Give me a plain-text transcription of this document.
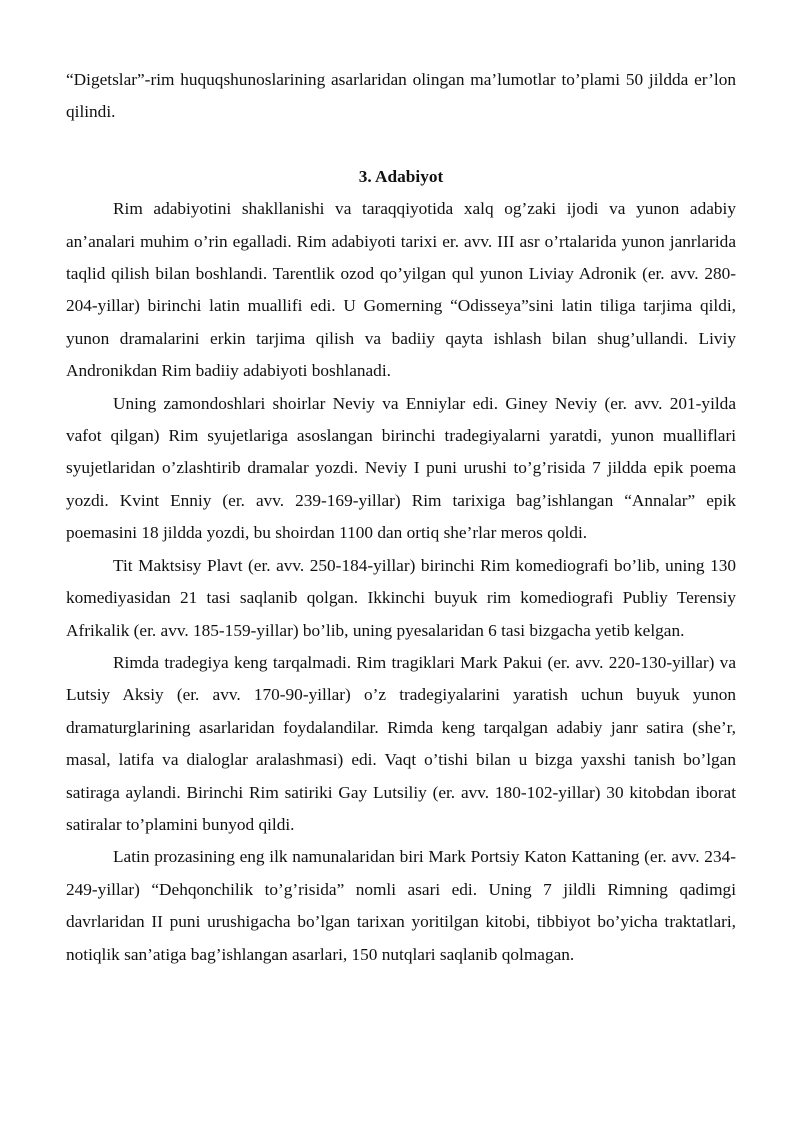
“Digetslar”-rim huquqshunoslarining asarlaridan olingan ma’lumotlar to’plami 50 jildda er’lon qilindi.

3. Adabiyot

Rim adabiyotini shakllanishi va taraqqiyotida xalq og’zaki ijodi va yunon adabiy an’analari muhim o’rin egalladi. Rim adabiyoti tarixi er. avv. III asr o’rtalarida yunon janrlarida taqlid qilish bilan boshlandi. Tarentlik ozod qo’yilgan qul yunon Liviay Adronik (er. avv. 280-204-yillar) birinchi latin muallifi edi. U Gomerning “Odisseya”sini latin tiliga tarjima qildi, yunon dramalarini erkin tarjima qilish va badiiy qayta ishlash bilan shug’ullandi. Liviy Andronikdan Rim badiiy adabiyoti boshlanadi.

Uning zamondoshlari shoirlar Neviy va Enniylar edi. Giney Neviy (er. avv. 201-yilda vafot qilgan) Rim syujetlariga asoslangan birinchi tradegiyalarni yaratdi, yunon mualliflari syujetlaridan o’zlashtirib dramalar yozdi. Neviy I puni urushi to’g’risida 7 jildda epik poema yozdi. Kvint Enniy (er. avv. 239-169-yillar) Rim tarixiga bag’ishlangan “Annalar” epik poemasini 18 jildda yozdi, bu shoirdan 1100 dan ortiq she’rlar meros qoldi.

Tit Maktsisy Plavt (er. avv. 250-184-yillar) birinchi Rim komediografi bo’lib, uning 130 komediyasidan 21 tasi saqlanib qolgan. Ikkinchi buyuk rim komediografi Publiy Terensiy Afrikalik (er. avv. 185-159-yillar) bo’lib, uning pyesalaridan 6 tasi bizgacha yetib kelgan.

Rimda tradegiya keng tarqalmadi. Rim tragiklari Mark Pakui (er. avv. 220-130-yillar) va Lutsiy Aksiy (er. avv. 170-90-yillar) o’z tradegiyalarini yaratish uchun buyuk yunon dramaturglarining asarlaridan foydalandilar. Rimda keng tarqalgan adabiy janr satira (she’r, masal, latifa va dialoglar aralashmasi) edi. Vaqt o’tishi bilan u bizga yaxshi tanish bo’lgan satiraga aylandi. Birinchi Rim satiriki Gay Lutsiliy (er. avv. 180-102-yillar) 30 kitobdan iborat satiralar to’plamini bunyod qildi.

Latin prozasining eng ilk namunalaridan biri Mark Portsiy Katon Kattaning (er. avv. 234-249-yillar) “Dehqonchilik to’g’risida” nomli asari edi. Uning 7 jildli Rimning qadimgi davrlaridan II puni urushigacha bo’lgan tarixan yoritilgan kitobi, tibbiyot bo’yicha traktatlari, notiqlik san’atiga bag’ishlangan asarlari, 150 nutqlari saqlanib qolmagan.
